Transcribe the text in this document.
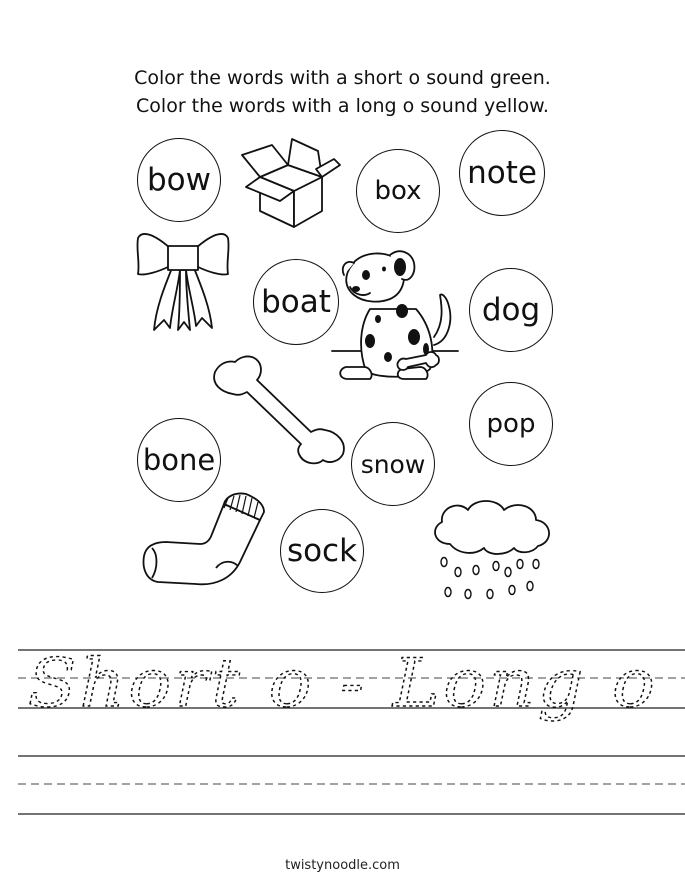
Color the words with a short o sound green.
Color the words with a long o sound yellow.
bow	box note
boat	dog
pop
bone	snow
sock
Short o - Long o
twistynoodle.com
